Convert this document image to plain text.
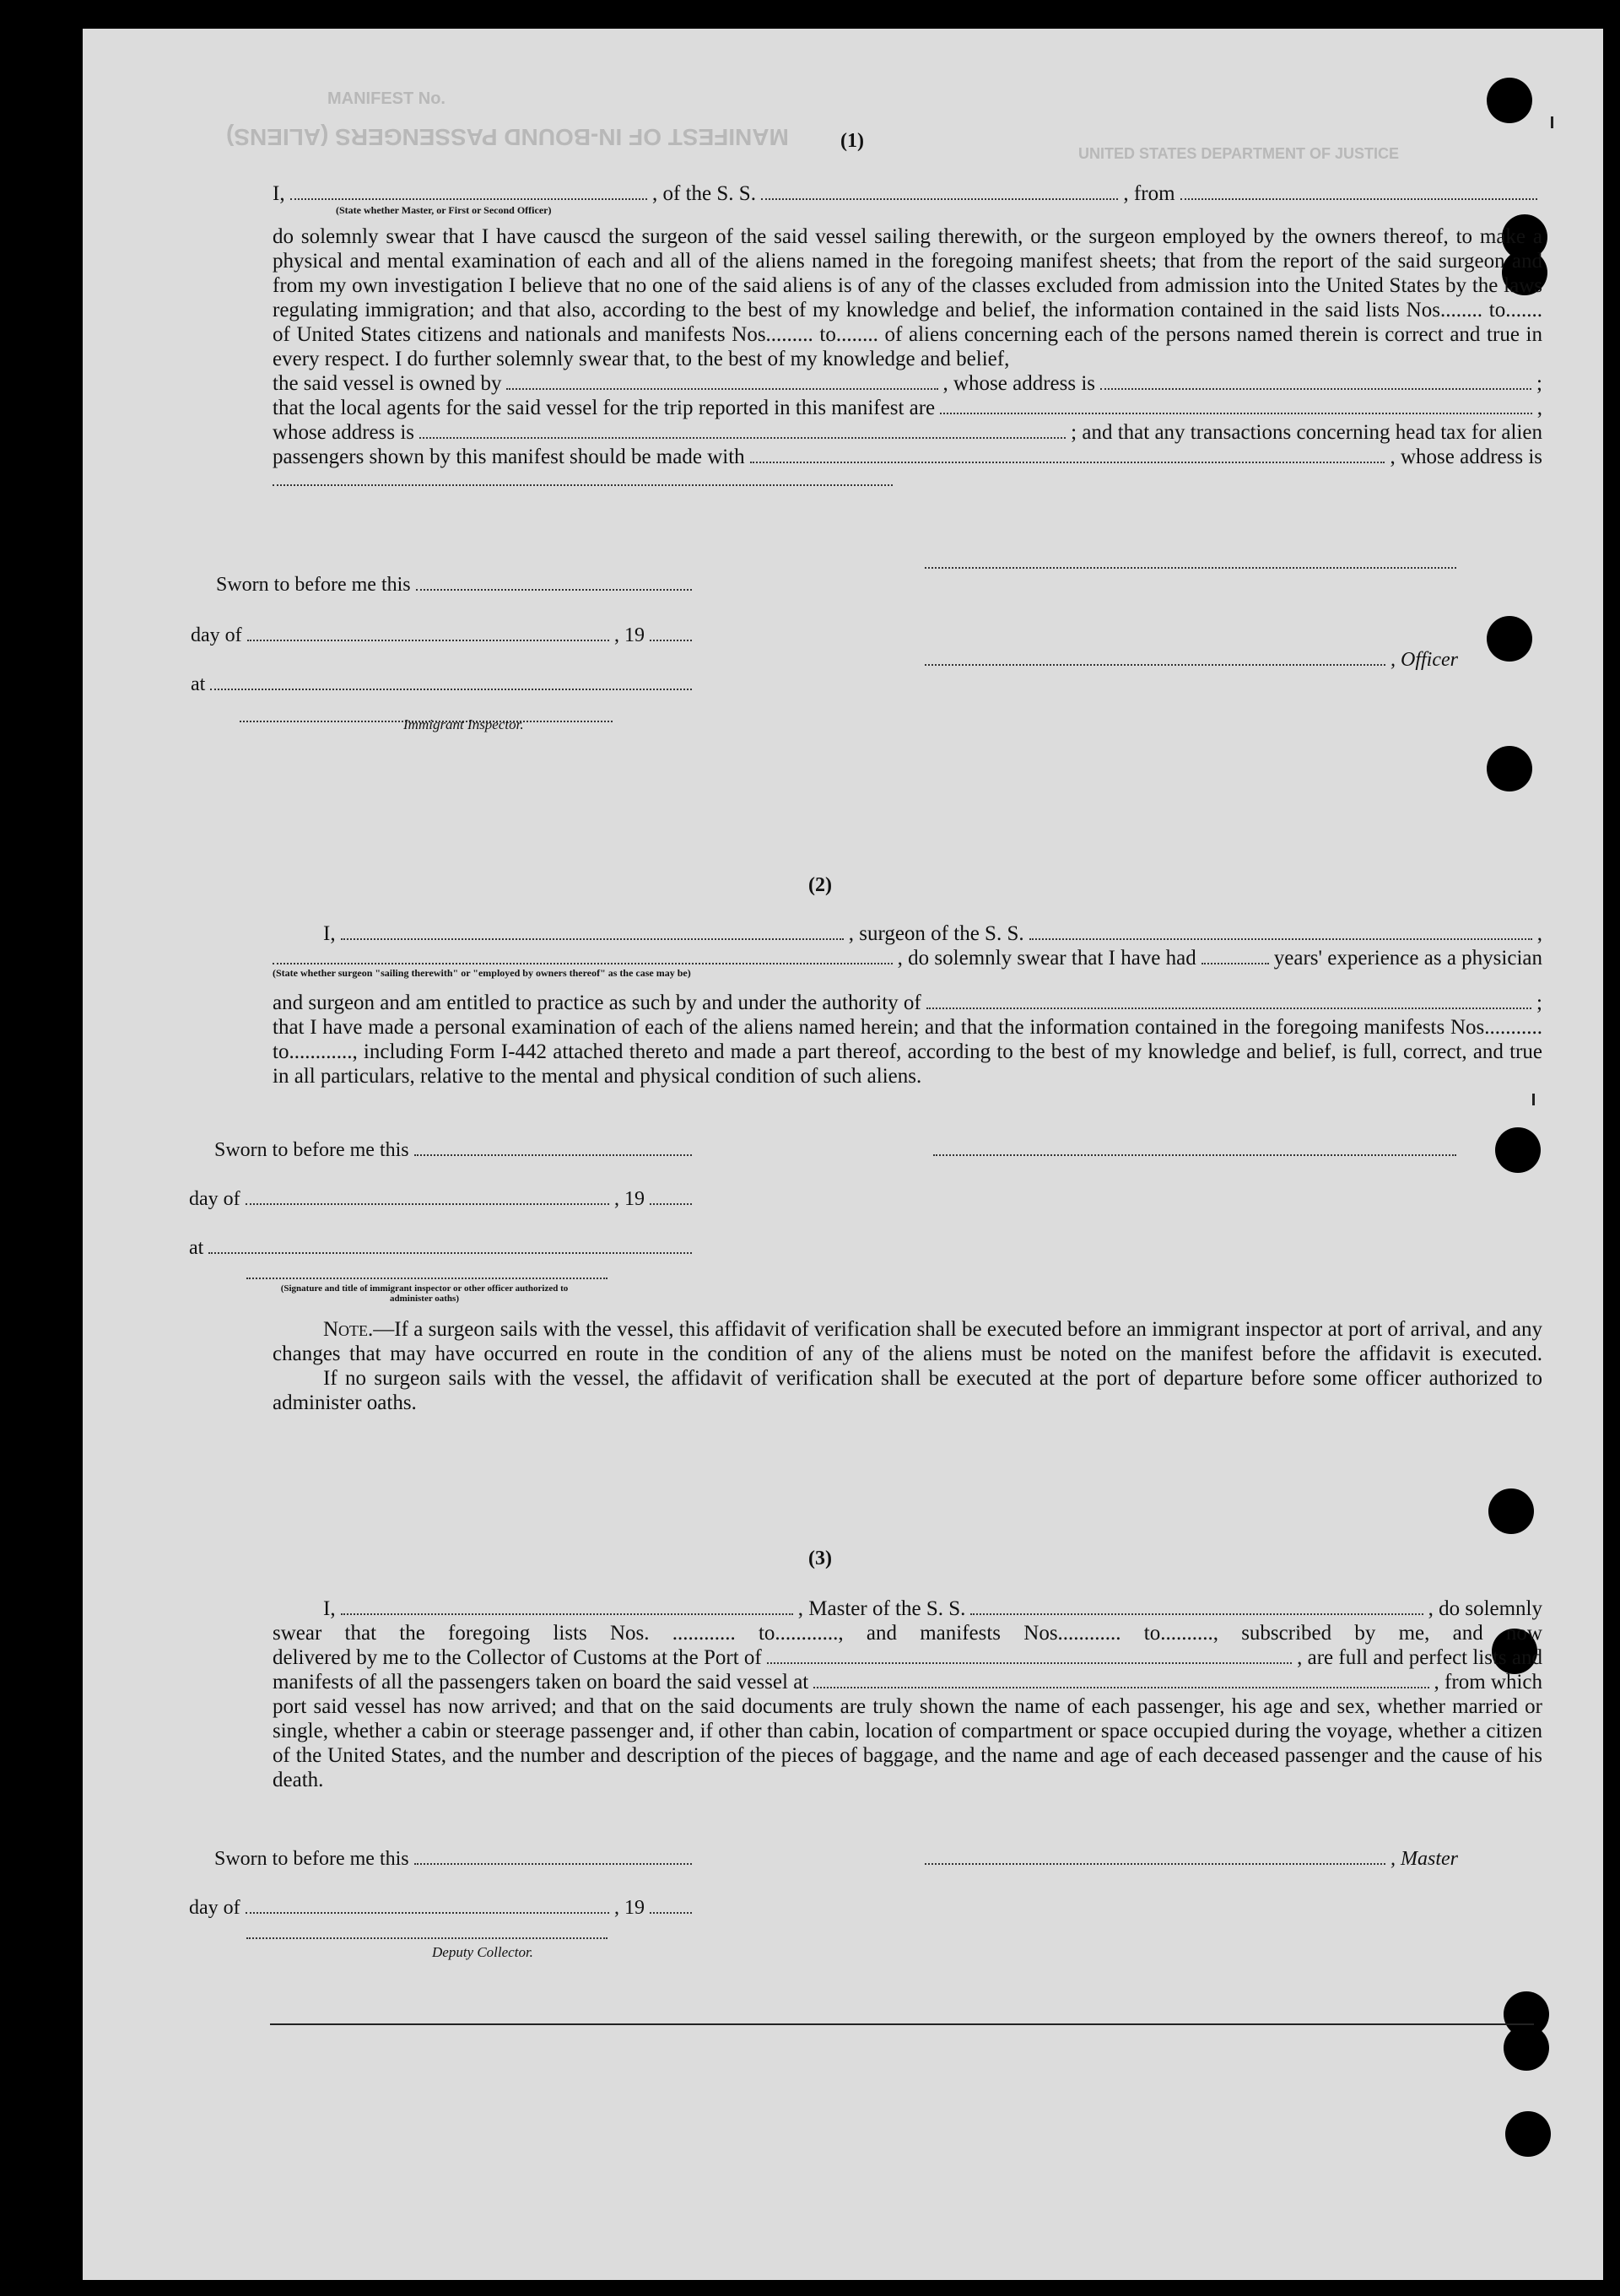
MANIFEST OF IN-BOUND PASSENGERS (ALIENS)
MANIFEST No.
UNITED STATES DEPARTMENT OF JUSTICE
(1)
I,	, of the S. S.	, from
(State whether Master, or First or Second Officer)

do solemnly swear that I have causcd the surgeon of the said vessel sailing therewith, or the surgeon employed by the owners thereof, to make a physical and mental examination of each and all of the aliens named in the foregoing manifest sheets; that from the report of the said surgeon and from my own investigation I believe that no one of the said aliens is of any of the classes excluded from admission into the United States by the laws regulating immigration; and that also, according to the best of my knowledge and belief, the information contained in the said lists Nos........ to.......

of United States citizens and nationals and manifests Nos......... to........ of aliens concerning each of the persons named therein is correct and true in every respect. I do further solemnly swear that, to the best of my knowledge and belief,

the said vessel is owned by	, whose address is	;
that the local agents for the said vessel for the trip reported in this manifest are	,
whose address is	; and that any transactions concerning head tax for alien
passengers shown by this manifest should be made with	, whose address is
Sworn to before me this
day of	, 19
at
, Officer
Immigrant Inspector.
(2)
I,	, surgeon of the S. S.	,
, do solemnly swear that I have had	years' experience as a physician
(State whether surgeon "sailing therewith" or "employed by owners thereof" as the case may be)
and surgeon and am entitled to practice as such by and under the authority of	;

that I have made a personal examination of each of the aliens named herein; and that the information contained in the foregoing manifests Nos........... to............, including Form I-442 attached thereto and made a part thereof, according to the best of my knowledge and belief, is full, correct, and true in all particulars, relative to the mental and physical condition of such aliens.

Sworn to before me this
day of	, 19
at
(Signature and title of immigrant inspector or other officer authorized to administer oaths)

Note.—If a surgeon sails with the vessel, this affidavit of verification shall be executed before an immigrant inspector at port of arrival, and any changes that may have occurred en route in the condition of any of the aliens must be noted on the manifest before the affidavit is executed.

If no surgeon sails with the vessel, the affidavit of verification shall be executed at the port of departure before some officer authorized to administer oaths.

(3)
I,	, Master of the S. S.	, do solemnly

swear that the foregoing lists Nos. ............ to............, and manifests Nos............ to.........., subscribed by me, and now

delivered by me to the Collector of Customs at the Port of	, are full and perfect lists and
manifests of all the passengers taken on board the said vessel at	, from which

port said vessel has now arrived; and that on the said documents are truly shown the name of each passenger, his age and sex, whether married or single, whether a cabin or steerage passenger and, if other than cabin, location of compartment or space occupied during the voyage, whether a citizen of the United States, and the number and description of the pieces of baggage, and the name and age of each deceased passenger and the cause of his death.

Sworn to before me this	, Master
day of	, 19
Deputy Collector.
